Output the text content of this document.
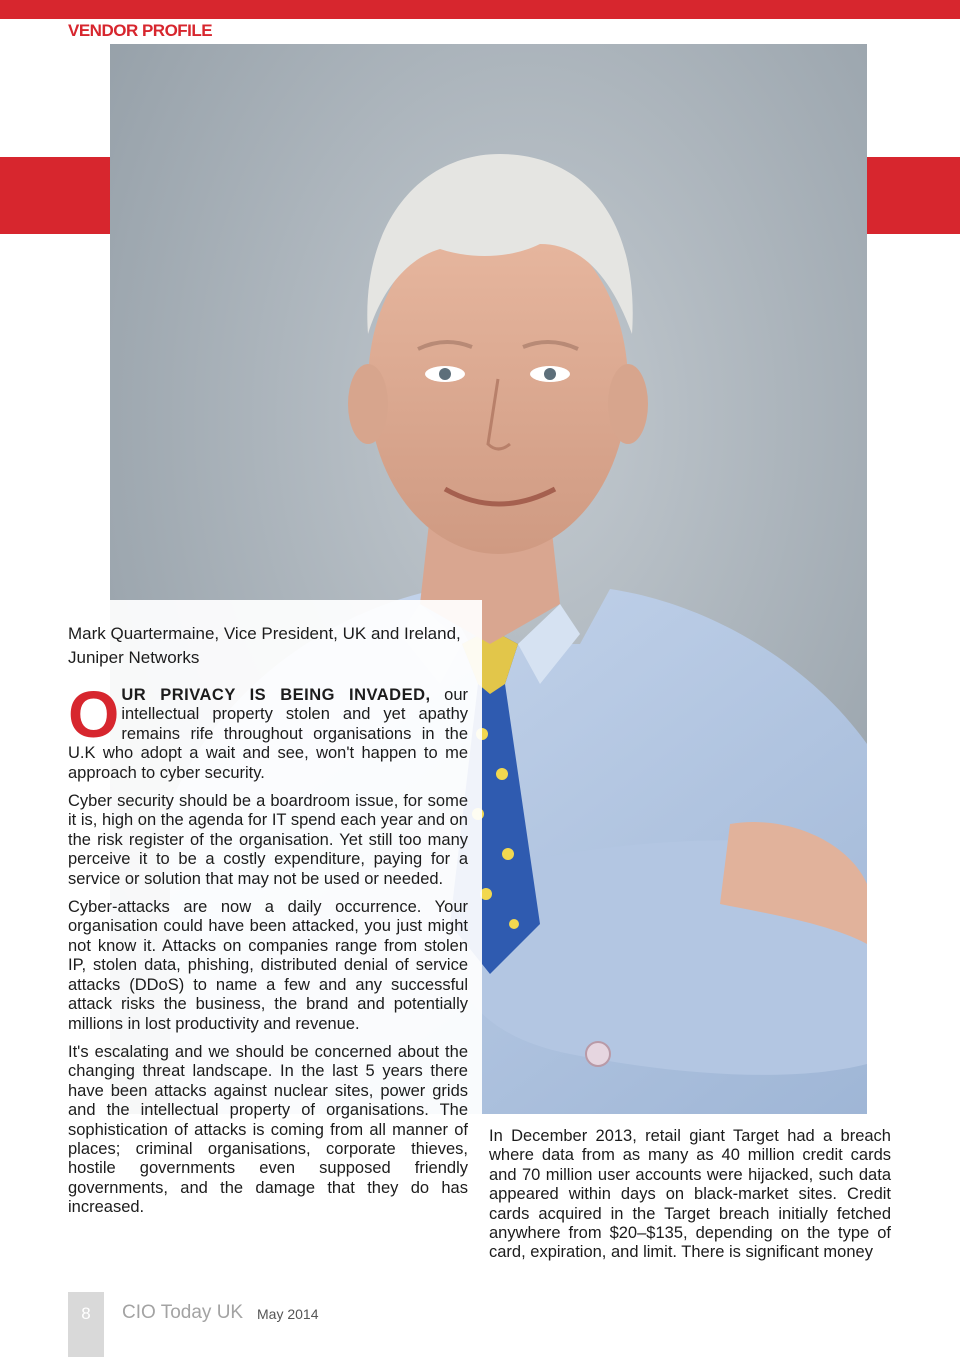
VENDOR PROFILE
Mark Quartermaine, Vice President, UK and Ireland, Juniper Networks

O UR PRIVACY IS BEING INVADED, our intellectual property stolen and yet apathy remains rife throughout organisations in the U.K who adopt a wait and see, won't happen to me approach to cyber security.

Cyber security should be a boardroom issue, for some it is, high on the agenda for IT spend each year and on the risk register of the organisation. Yet still too many perceive it to be a costly expenditure, paying for a service or solution that may not be used or needed.

Cyber-attacks are now a daily occurrence. Your organisation could have been attacked, you just might not know it. Attacks on companies range from stolen IP, stolen data, phishing, distributed denial of service attacks (DDoS) to name a few and any successful attack risks the business, the brand and potentially millions in lost productivity and revenue.

It's escalating and we should be concerned about the changing threat landscape. In the last 5 years there have been attacks against nuclear sites, power grids and the intellectual property of organisations. The sophistication of attacks is coming from all manner of places; criminal organisations, corporate thieves, hostile governments even supposed friendly governments, and the damage that they do has increased.

In December 2013, retail giant Target had a breach where data from as many as 40 million credit cards and 70 million user accounts were hijacked, such data appeared within days on black-market sites. Credit cards acquired in the Target breach initially fetched anywhere from $20–$135, depending on the type of card, expiration, and limit. There is significant money

8	CIO Today UK May 2014
